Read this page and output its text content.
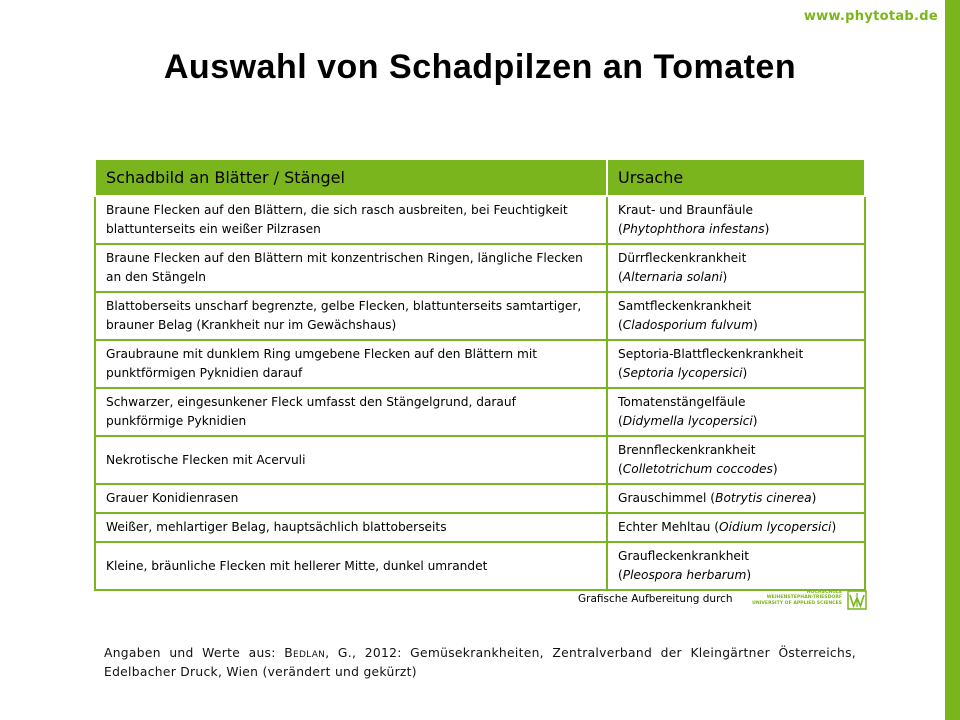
www.phytotab.de
Auswahl von Schadpilzen an Tomaten
Schadbild an Blätter / Stängel	Ursache
Braune Flecken auf den Blättern, die sich rasch ausbreiten, bei Feuchtigkeit blattunterseits ein weißer Pilzrasen	Kraut- und Braunfäule
(Phytophthora infestans)
Braune Flecken auf den Blättern mit konzentrischen Ringen, längliche Flecken an den Stängeln	Dürrfleckenkrankheit
(Alternaria solani)
Blattoberseits unscharf begrenzte, gelbe Flecken, blattunterseits samtartiger, brauner Belag (Krankheit nur im Gewächshaus)	Samtfleckenkrankheit
(Cladosporium fulvum)
Graubraune mit dunklem Ring umgebene Flecken auf den Blättern mit punktförmigen Pyknidien darauf	Septoria-Blattfleckenkrankheit
(Septoria lycopersici)
Schwarzer, eingesunkener Fleck umfasst den Stängelgrund, darauf punkförmige Pyknidien	Tomatenstängelfäule
(Didymella lycopersici)
Nekrotische Flecken mit Acervuli	Brennfleckenkrankheit
(Colletotrichum coccodes)
Grauer Konidienrasen	Grauschimmel (Botrytis cinerea)
Weißer, mehlartiger Belag, hauptsächlich blattoberseits	Echter Mehltau (Oidium lycopersici)
Kleine, bräunliche Flecken mit hellerer Mitte, dunkel umrandet	Graufleckenkrankheit
(Pleospora herbarum)
Grafische Aufbereitung durch
HOCHSCHULE
WEIHENSTEPHAN-TRIESDORF
UNIVERSITY OF APPLIED SCIENCES
Angaben und Werte aus: Bedlan, G., 2012: Gemüsekrankheiten, Zentralverband der Kleingärtner Österreichs, Edelbacher Druck, Wien (verändert und gekürzt)
